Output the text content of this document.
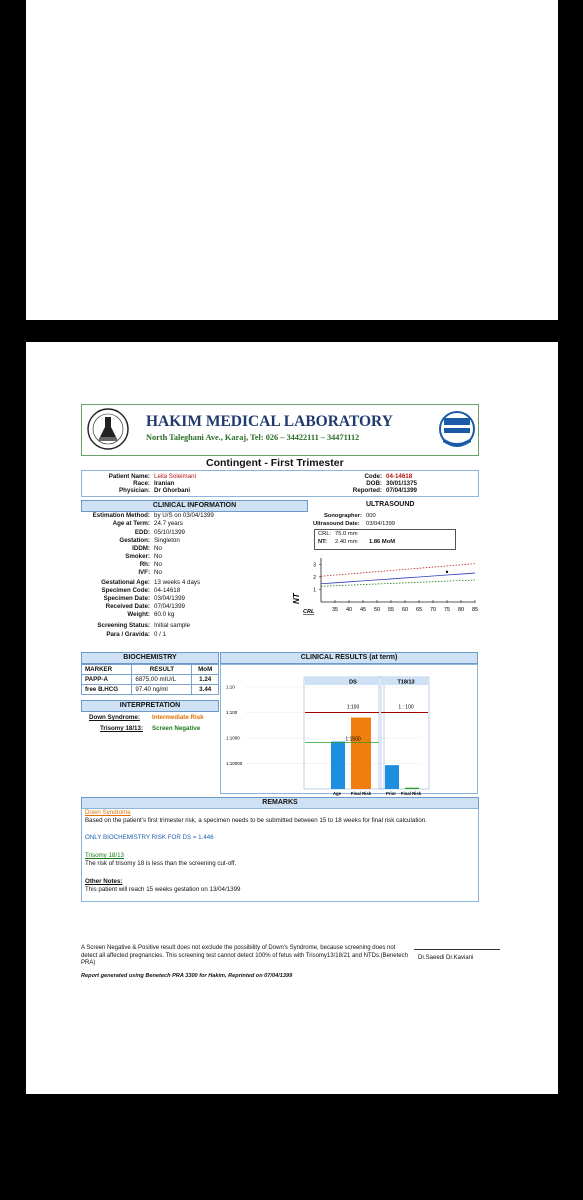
HAKIM MEDICAL LABORATORY
North Taleghani Ave., Karaj, Tel: 026 – 34422111 – 34471112
Contingent - First Trimester
Patient Name: Leila Soleimani
Race: Iranian
Physician: Dr Ghorbani
Code: 04-14618
DOB: 30/01/1375
Reported: 07/04/1399
CLINICAL INFORMATION
Estimation Method: by U/S on 03/04/1399
Age at Term: 24.7 years
EDD: 05/10/1399
Gestation: Singleton
IDDM: No
Smoker: No
Rh: No
IVF: No
Gestational Age: 13 weeks 4 days
Specimen Code: 04-14618
Specimen Date: 03/04/1399
Received Date: 07/04/1399
Weight: 60.0 kg
Screening Status: Initial sample
Para / Gravida: 0 / 1
ULTRASOUND
Sonographer: 000
Ultrasound Date: 03/04/1399
CRL: 75.0 mm
NT: 2.40 mm 1.86 MoM
3
2
1
35 40 45 50 55 60 65 70 75 80 85
NT
CRL
BIOCHEMISTRY
MARKER	RESULT	MoM
PAPP-A	6875.00 mIU/L	1.24
free B.HCG	97.40 ng/ml	3.44
INTERPRETATION
Down Syndrome: Intermediate Risk
Trisomy 18/13: Screen Negative
CLINICAL RESULTS (at term)
1:10
1:100
1:1000
1:10000
DS	T18/13
1:100	1 : 100
1:1500
Age Final Risk	Prior Final Risk
REMARKS
Down Syndrome
Based on the patient's first trimester risk, a specimen needs to be submitted between 15 to 18 weeks for final risk calculation.
ONLY BIOCHEMISTRY RISK FOR DS = 1.446
Trisomy 18/13
The risk of trisomy 18 is less than the screening cut-off.
Other Notes:
This patient will reach 15 weeks gestation on 13/04/1399
A Screen Negative & Positive result does not exclude the possibility of Down's Syndrome, because screening does not detect all affected pregnancies. This screening test cannot detect 100% of fetus with Trisomy13/18/21 and NTDs.(Benetech PRA)
Report generated using Benetech PRA 3300 for Hakim, Reprinted on 07/04/1399
Dr.Saeedi Dr.Kaviani
